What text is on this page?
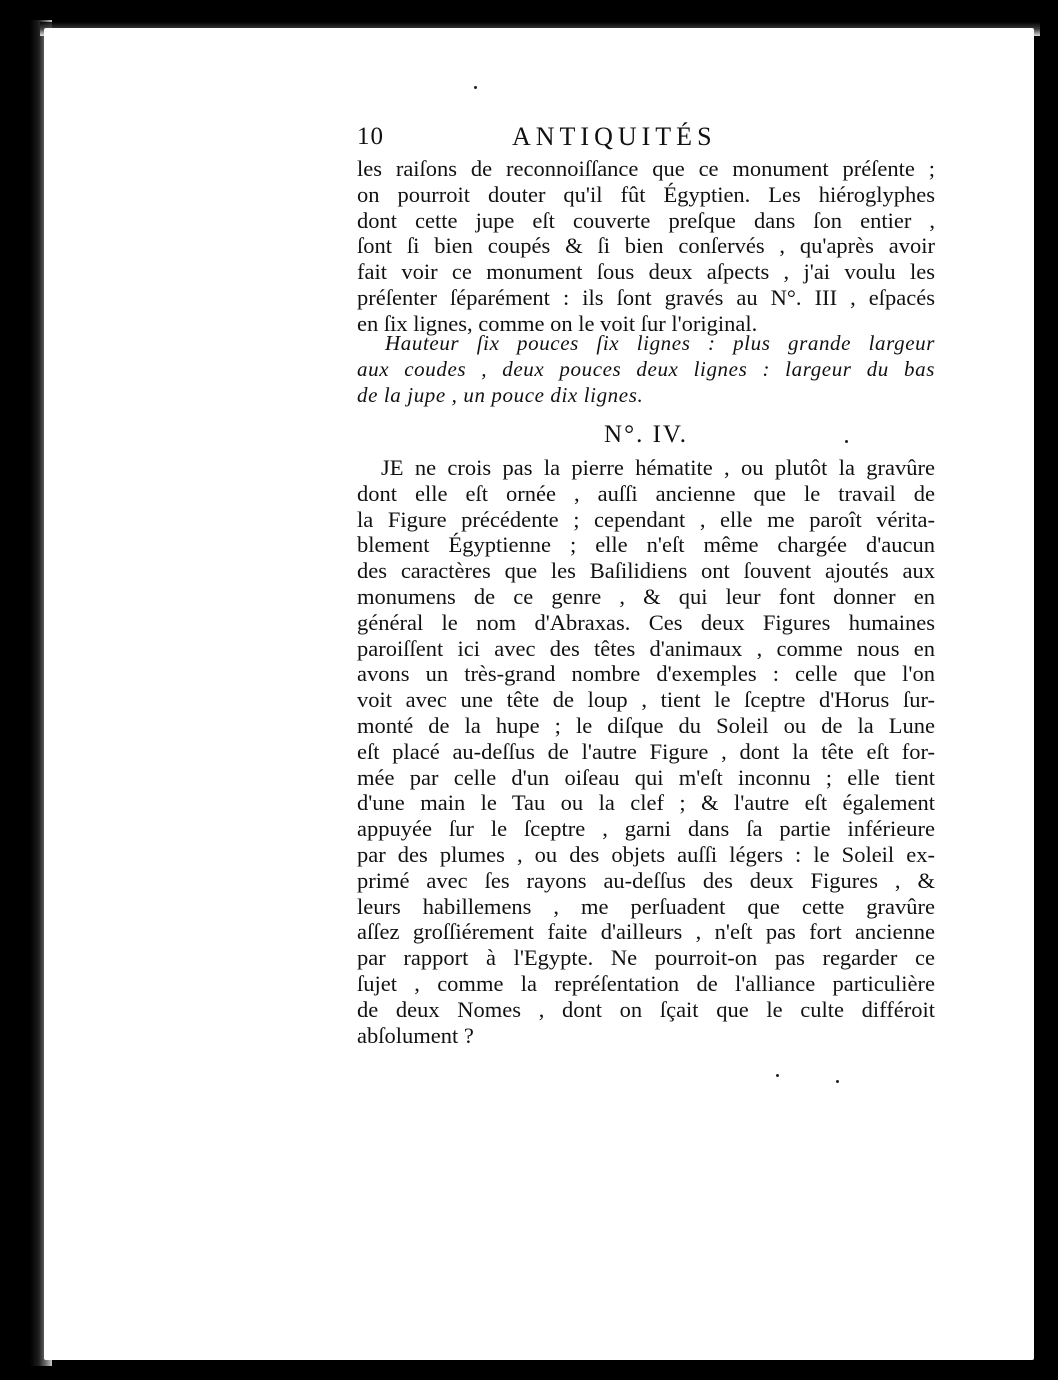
10	ANTIQUITÉS
les raiſons de reconnoiſſance que ce monument préſente ;
on pourroit douter qu'il fût Égyptien. Les hiéroglyphes
dont cette jupe eſt couverte preſque dans ſon entier ,
ſont ſi bien coupés & ſi bien conſervés , qu'après avoir
fait voir ce monument ſous deux aſpects , j'ai voulu les
préſenter ſéparément : ils ſont gravés au N°. III , eſpacés
en ſix lignes, comme on le voit ſur l'original.
Hauteur ſix pouces ſix lignes : plus grande largeur
aux coudes , deux pouces deux lignes : largeur du bas
de la jupe , un pouce dix lignes.
N°. IV.
JE ne crois pas la pierre hématite , ou plutôt la gravûre
dont elle eſt ornée , auſſi ancienne que le travail de
la Figure précédente ; cependant , elle me paroît vérita-
blement Égyptienne ; elle n'eſt même chargée d'aucun
des caractères que les Baſilidiens ont ſouvent ajoutés aux
monumens de ce genre , & qui leur font donner en
général le nom d'Abraxas. Ces deux Figures humaines
paroiſſent ici avec des têtes d'animaux , comme nous en
avons un très-grand nombre d'exemples : celle que l'on
voit avec une tête de loup , tient le ſceptre d'Horus ſur-
monté de la hupe ; le diſque du Soleil ou de la Lune
eſt placé au-deſſus de l'autre Figure , dont la tête eſt for-
mée par celle d'un oiſeau qui m'eſt inconnu ; elle tient
d'une main le Tau ou la clef ; & l'autre eſt également
appuyée ſur le ſceptre , garni dans ſa partie inférieure
par des plumes , ou des objets auſſi légers : le Soleil ex-
primé avec ſes rayons au-deſſus des deux Figures , &
leurs habillemens , me perſuadent que cette gravûre
aſſez groſſiérement faite d'ailleurs , n'eſt pas fort ancienne
par rapport à l'Egypte. Ne pourroit-on pas regarder ce
ſujet , comme la repréſentation de l'alliance particulière
de deux Nomes , dont on ſçait que le culte différoit
abſolument ?
